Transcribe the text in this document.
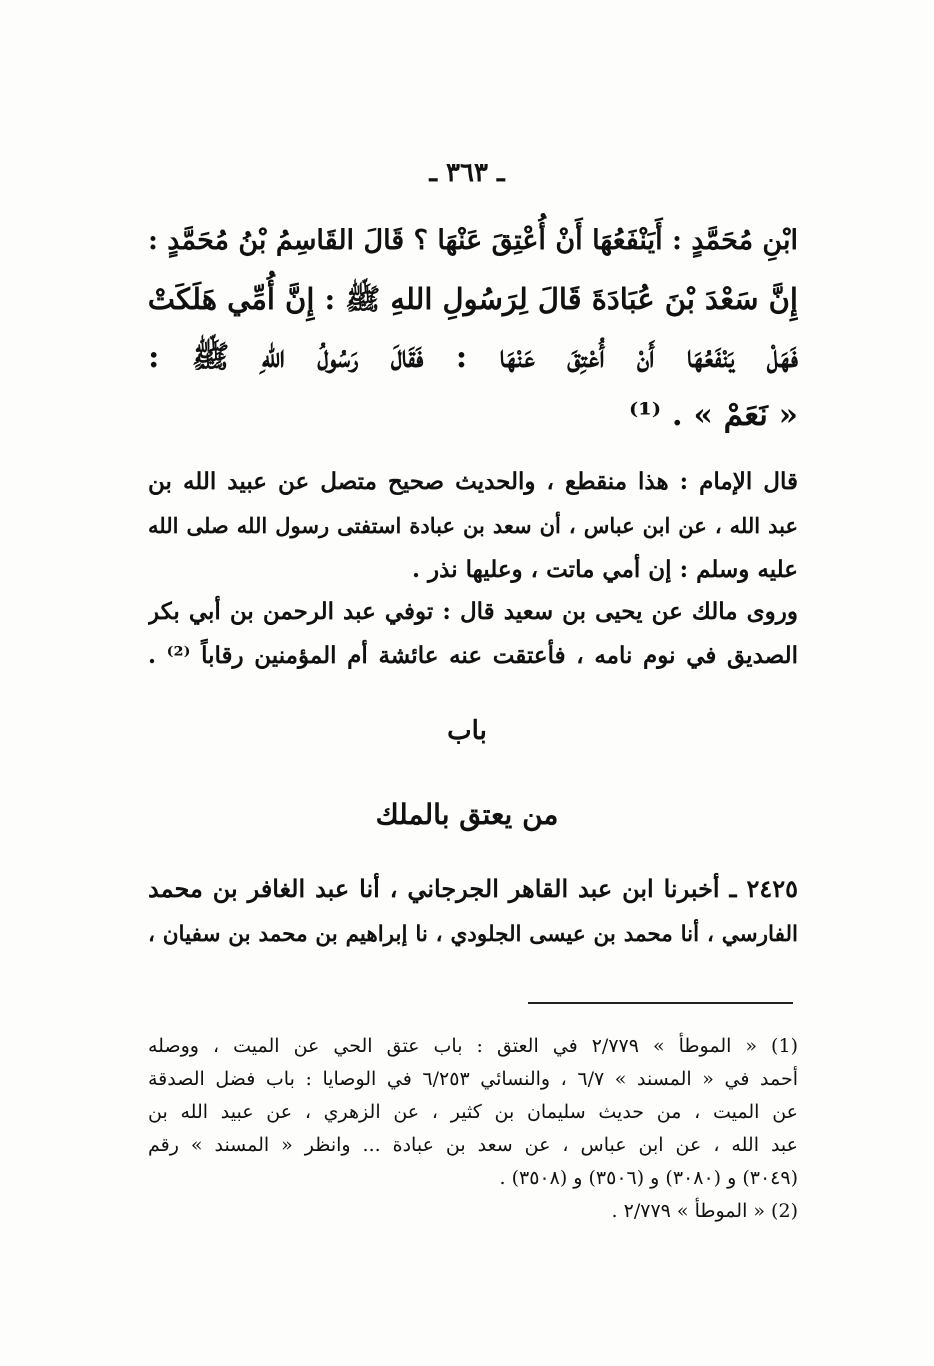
ـ ٣٦٣ ـ
ابْنِ مُحَمَّدٍ : أَيَنْفَعُهَا أَنْ أُعْتِقَ عَنْهَا ؟ قَالَ القَاسِمُ بْنُ مُحَمَّدٍ :
إِنَّ سَعْدَ بْنَ عُبَادَةَ قَالَ لِرَسُولِ اللهِ ﷺ : إِنَّ أُمِّي هَلَكَتْ
فَهَلْ يَنْفَعُهَا أَنْ أُعْتِقَ عَنْهَا : فَقَالَ رَسُولُ اللهِ ﷺ :
« نَعَمْ » . ⁽¹⁾
قال الإمام : هذا منقطع ، والحديث صحيح متصل عن عبيد الله بن
عبد الله ، عن ابن عباس ، أن سعد بن عبادة استفتى رسول الله صلى الله
عليه وسلم : إن أمي ماتت ، وعليها نذر .
وروى مالك عن يحيى بن سعيد قال : توفي عبد الرحمن بن أبي بكر
الصديق في نوم نامه ، فأعتقت عنه عائشة أم المؤمنين رقاباً ⁽²⁾ .
باب
من يعتق بالملك
٢٤٢٥ ـ أخبرنا ابن عبد القاهر الجرجاني ، أنا عبد الغافر بن محمد
الفارسي ، أنا محمد بن عيسى الجلودي ، نا إبراهيم بن محمد بن سفيان ،
(1) « الموطأ » ٢/٧٧٩ في العتق : باب عتق الحي عن الميت ، ووصله
أحمد في « المسند » ٦/٧ ، والنسائي ٦/٢٥٣ في الوصايا : باب فضل الصدقة
عن الميت ، من حديث سليمان بن كثير ، عن الزهري ، عن عبيد الله بن
عبد الله ، عن ابن عباس ، عن سعد بن عبادة ... وانظر « المسند » رقم
(٣٠٤٩) و (٣٠٨٠) و (٣٥٠٦) و (٣٥٠٨) .
(2) « الموطأ » ٢/٧٧٩ .
